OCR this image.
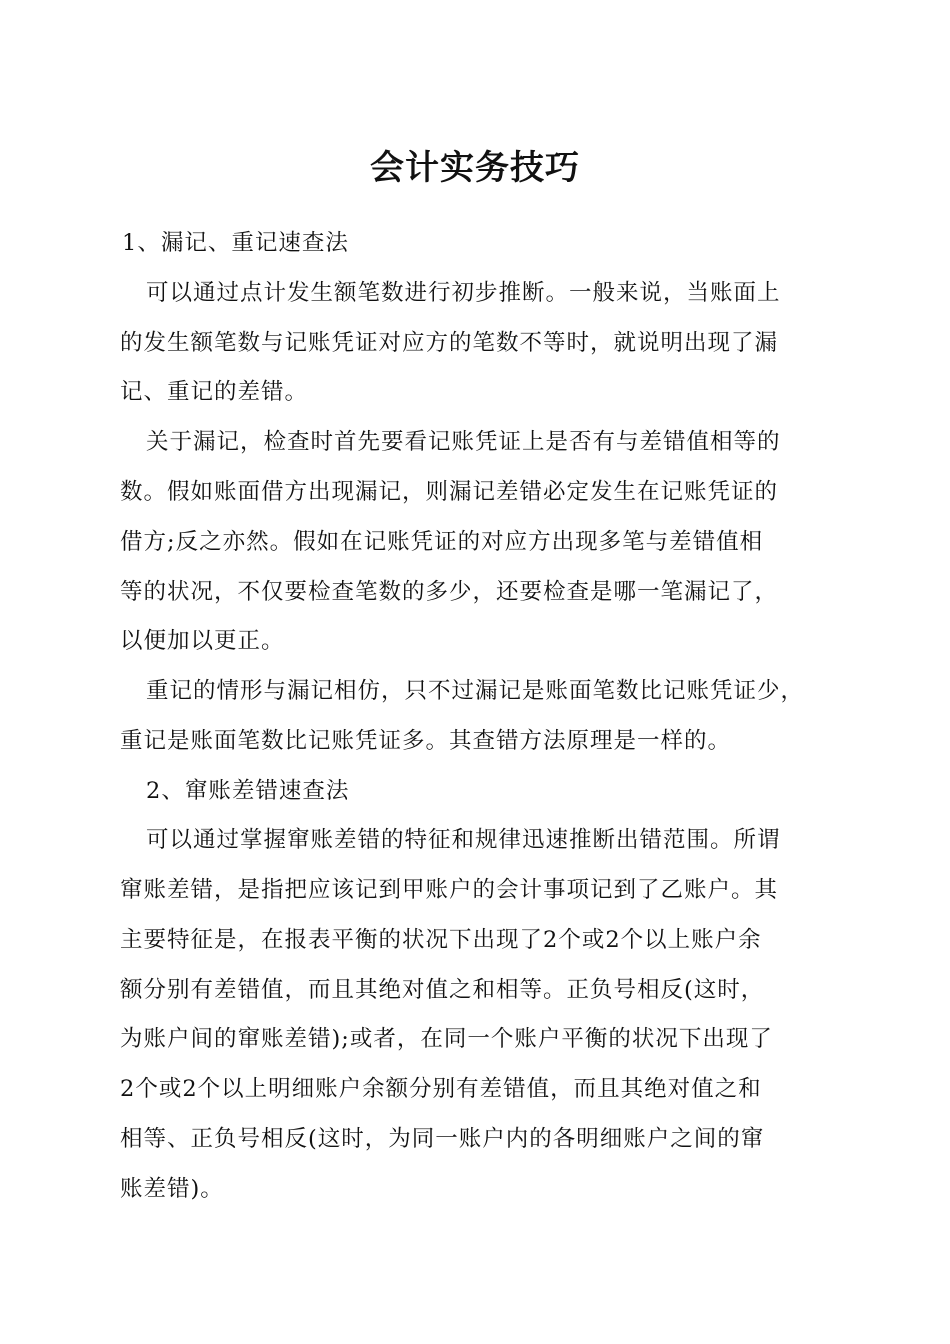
会计实务技巧
1、漏记、重记速查法
可以通过点计发生额笔数进行初步推断。一般来说，当账面上
的发生额笔数与记账凭证对应方的笔数不等时，就说明出现了漏
记、重记的差错。
关于漏记，检查时首先要看记账凭证上是否有与差错值相等的
数。假如账面借方出现漏记，则漏记差错必定发生在记账凭证的
借方;反之亦然。假如在记账凭证的对应方出现多笔与差错值相
等的状况，不仅要检查笔数的多少，还要检查是哪一笔漏记了，
以便加以更正。
重记的情形与漏记相仿，只不过漏记是账面笔数比记账凭证少，
重记是账面笔数比记账凭证多。其查错方法原理是一样的。
2、窜账差错速查法
可以通过掌握窜账差错的特征和规律迅速推断出错范围。所谓
窜账差错，是指把应该记到甲账户的会计事项记到了乙账户。其
主要特征是，在报表平衡的状况下出现了2个或2个以上账户余
额分别有差错值，而且其绝对值之和相等。正负号相反(这时，
为账户间的窜账差错);或者，在同一个账户平衡的状况下出现了
2个或2个以上明细账户余额分别有差错值，而且其绝对值之和
相等、正负号相反(这时，为同一账户内的各明细账户之间的窜
账差错)。
